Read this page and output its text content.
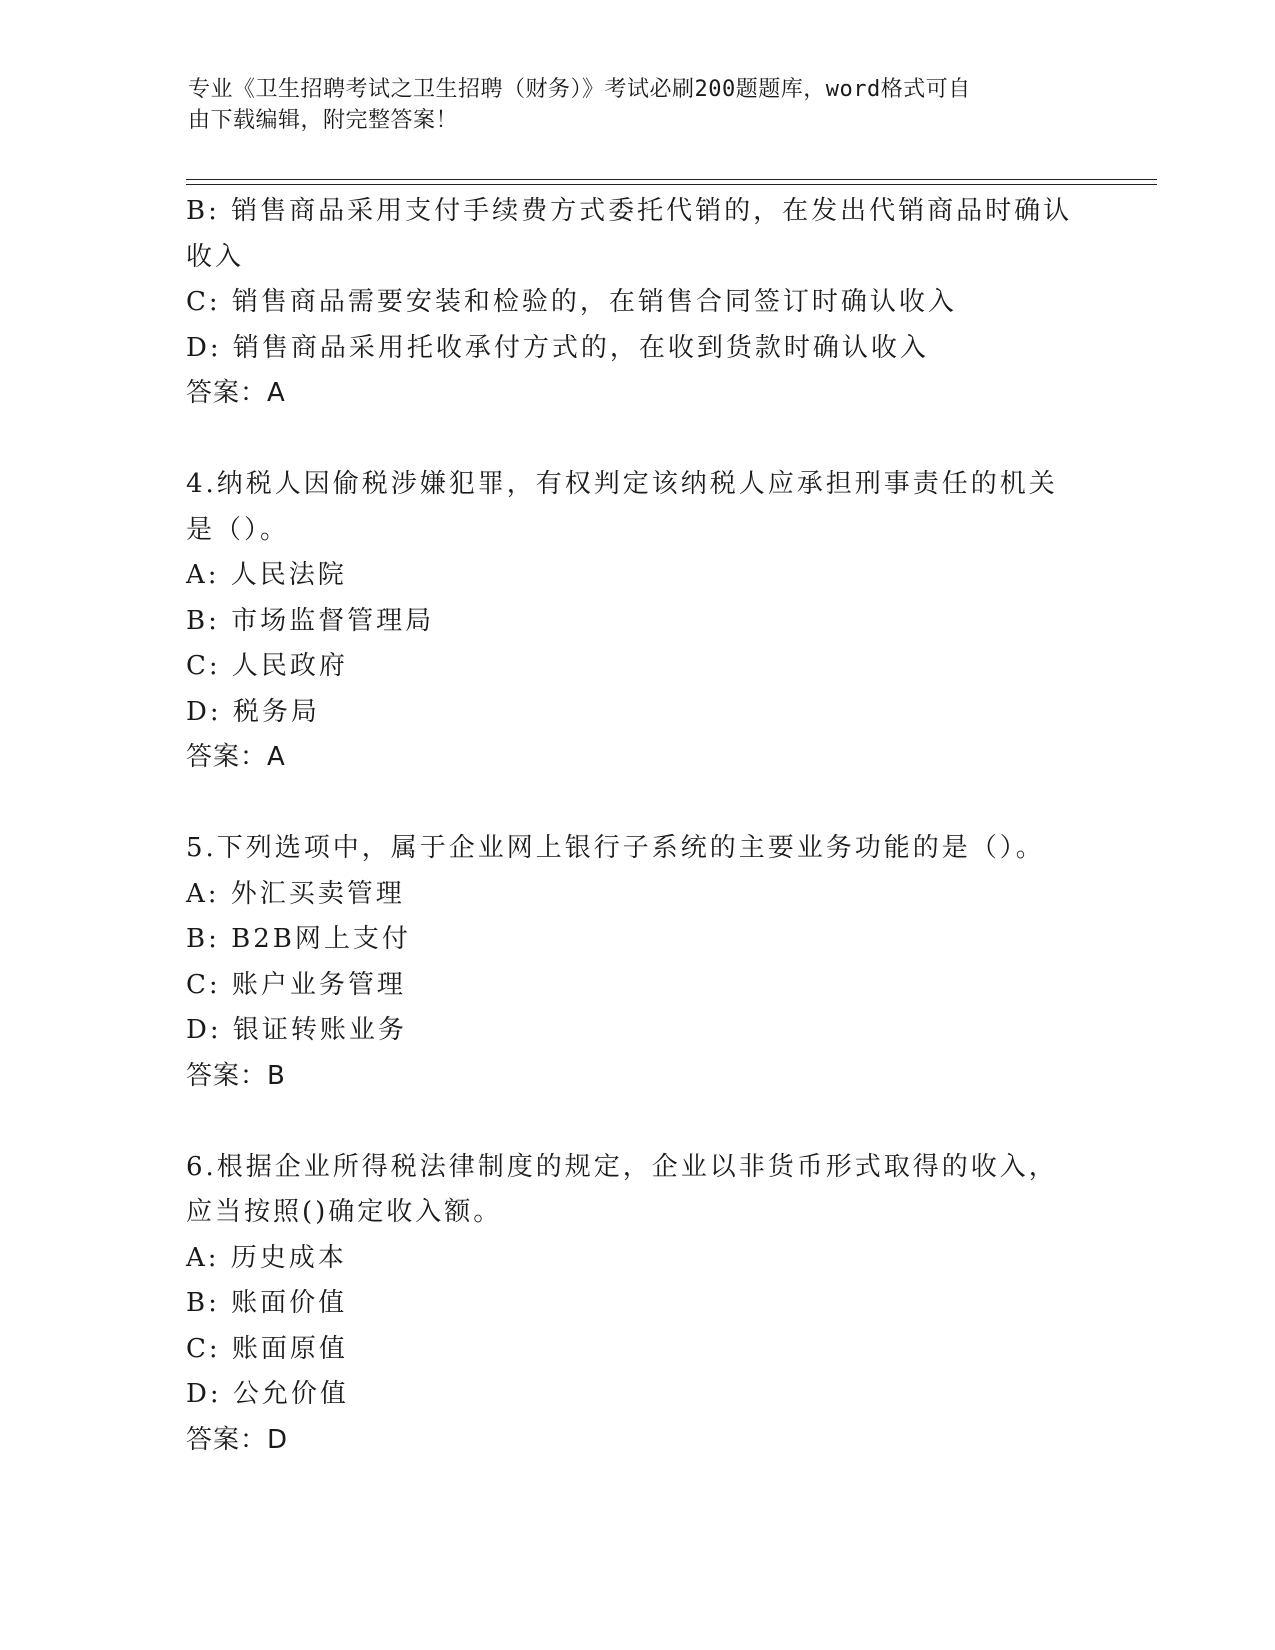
专业《卫生招聘考试之卫生招聘（财务）》考试必刷200题题库，word格式可自
由下载编辑，附完整答案！
B: 销售商品采用支付手续费方式委托代销的，在发出代销商品时确认
收入
C: 销售商品需要安装和检验的，在销售合同签订时确认收入
D: 销售商品采用托收承付方式的，在收到货款时确认收入
答案：A
4.纳税人因偷税涉嫌犯罪，有权判定该纳税人应承担刑事责任的机关
是（）。
A: 人民法院
B: 市场监督管理局
C: 人民政府
D: 税务局
答案：A
5.下列选项中，属于企业网上银行子系统的主要业务功能的是（）。
A: 外汇买卖管理
B: B2B网上支付
C: 账户业务管理
D: 银证转账业务
答案：B
6.根据企业所得税法律制度的规定，企业以非货币形式取得的收入，
应当按照()确定收入额。
A: 历史成本
B: 账面价值
C: 账面原值
D: 公允价值
答案：D
